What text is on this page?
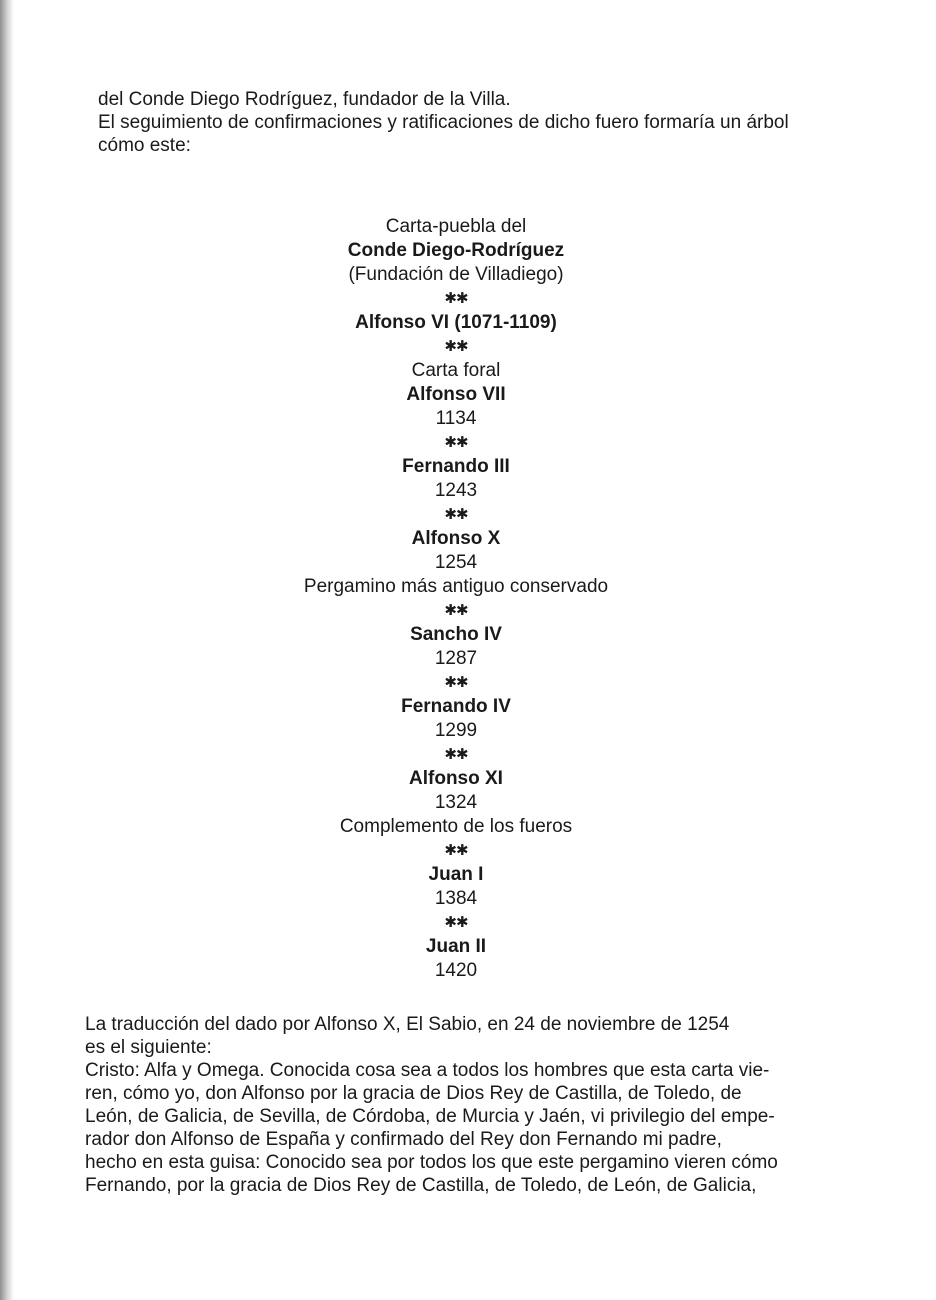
del Conde Diego Rodríguez, fundador de la Villa.

El seguimiento de confirmaciones y ratificaciones de dicho fuero formaría un árbol

cómo este:

Carta-puebla del
Conde Diego-Rodríguez
(Fundación de Villadiego)
✱✱
Alfonso VI (1071-1109)
✱✱
Carta foral
Alfonso VII
1134
✱✱
Fernando III
1243
✱✱
Alfonso X
1254
Pergamino más antiguo conservado
✱✱
Sancho IV
1287
✱✱
Fernando IV
1299
✱✱
Alfonso XI
1324
Complemento de los fueros
✱✱
Juan I
1384
✱✱
Juan II
1420

La traducción del dado por Alfonso X, El Sabio, en 24 de noviembre de 1254

es el siguiente:

Cristo: Alfa y Omega. Conocida cosa sea a todos los hombres que esta carta vie-

ren, cómo yo, don Alfonso por la gracia de Dios Rey de Castilla, de Toledo, de

León, de Galicia, de Sevilla, de Córdoba, de Murcia y Jaén, vi privilegio del empe-

rador don Alfonso de España y confirmado del Rey don Fernando mi padre,

hecho en esta guisa: Conocido sea por todos los que este pergamino vieren cómo

Fernando, por la gracia de Dios Rey de Castilla, de Toledo, de León, de Galicia,
